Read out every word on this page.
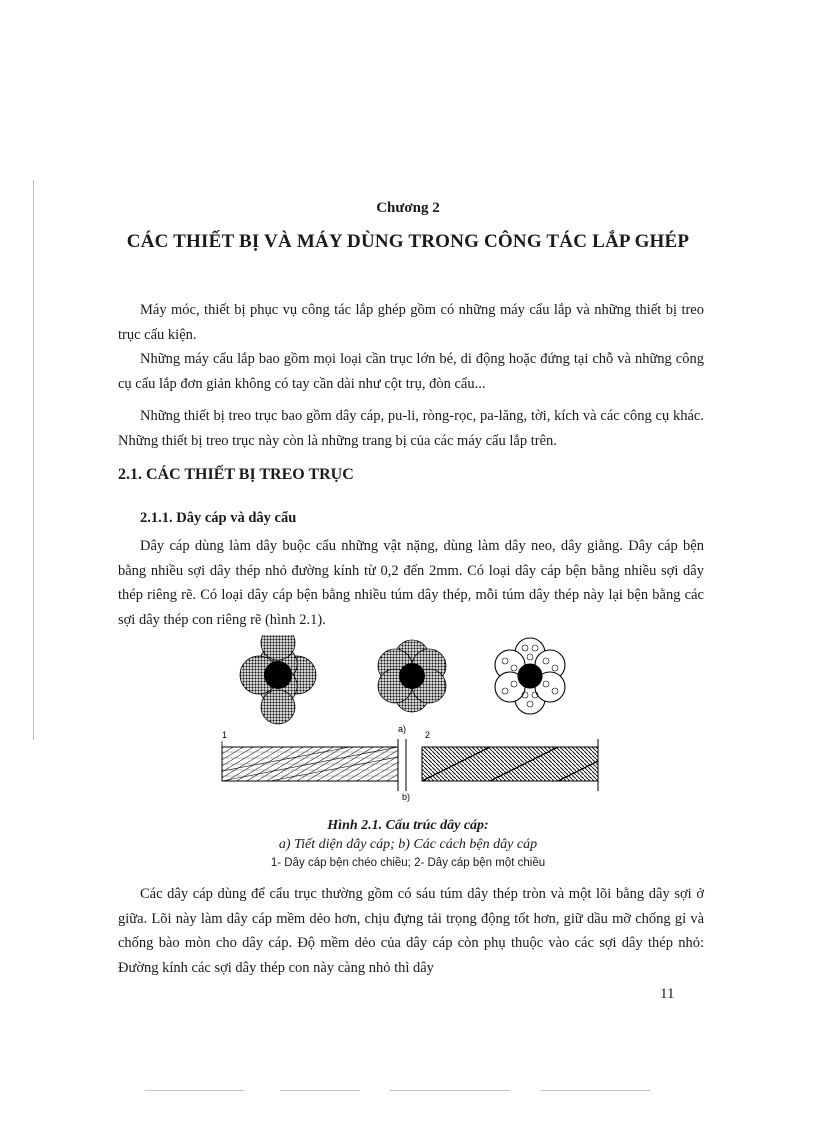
Chương 2
CÁC THIẾT BỊ VÀ MÁY DÙNG TRONG CÔNG TÁC LẮP GHÉP

Máy móc, thiết bị phục vụ công tác lắp ghép gồm có những máy cẩu lắp và những thiết bị treo trục cấu kiện.

Những máy cẩu lắp bao gồm mọi loại cần trục lớn bé, di động hoặc đứng tại chỗ và những công cụ cẩu lắp đơn giản không có tay cần dài như cột trụ, đòn cẩu...

Những thiết bị treo trục bao gồm dây cáp, pu-li, ròng-rọc, pa-lăng, tời, kích và các công cụ khác. Những thiết bị treo trục này còn là những trang bị của các máy cẩu lắp trên.

2.1. CÁC THIẾT BỊ TREO TRỤC
2.1.1. Dây cáp và dây cẩu

Dây cáp dùng làm dây buộc cẩu những vật nặng, dùng làm dây neo, dây giằng. Dây cáp bện bằng nhiều sợi dây thép nhỏ đường kính từ 0,2 đến 2mm. Có loại dây cáp bện bằng nhiều sợi dây thép riêng rẽ. Có loại dây cáp bện bằng nhiều túm dây thép, mỗi túm dây thép này lại bện bằng các sợi dây thép con riêng rẽ (hình 2.1).

a)
1	2
b)
Hình 2.1. Cấu trúc dây cáp:
a) Tiết diện dây cáp; b) Các cách bện dây cáp
1- Dây cáp bện chéo chiều; 2- Dây cáp bện một chiều

Các dây cáp dùng để cẩu trục thường gồm có sáu túm dây thép tròn và một lõi bằng dây sợi ở giữa. Lõi này làm dây cáp mềm dẻo hơn, chịu đựng tải trọng động tốt hơn, giữ dầu mỡ chống gỉ và chống bào mòn cho dây cáp. Độ mềm dẻo của dây cáp còn phụ thuộc vào các sợi dây thép nhỏ: Đường kính các sợi dây thép con này càng nhỏ thì dây

11
